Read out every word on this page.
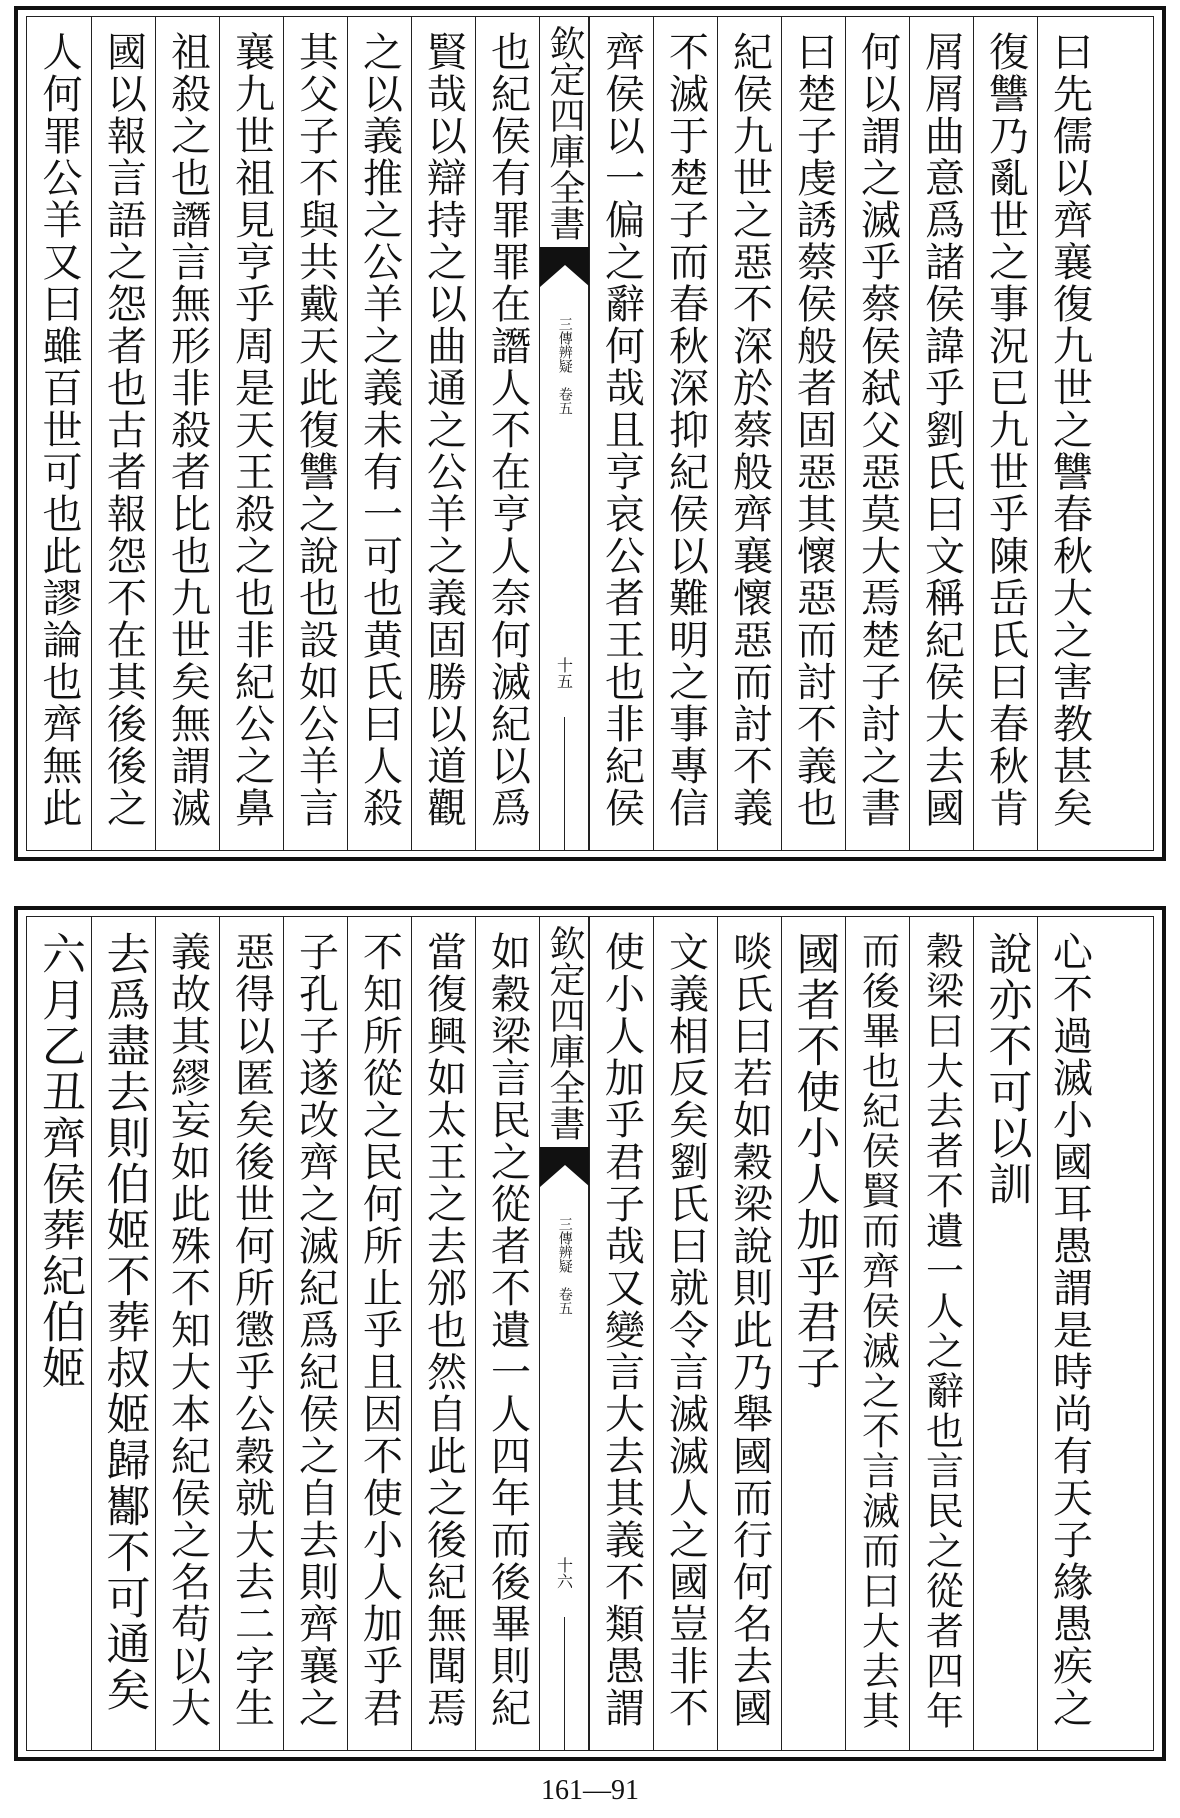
人何罪公羊又曰雖百世可也此謬論也齊無此 國以報言語之怨者也古者報怨不在其後後之 祖殺之也譖言無形非殺者比也九世矣無謂滅 襄九世祖見亨乎周是天王殺之也非紀公之鼻 其父子不與共戴天此復讐之說也設如公羊言 之以義推之公羊之義未有一可也黄氏曰人殺 賢哉以辯持之以曲通之公羊之義固勝以道觀 也紀侯有罪罪在譖人不在亨人奈何滅紀以爲 欽定四庫全書
三傳辨疑
卷五
十五 齊侯以一偏之辭何哉且亨哀公者王也非紀侯 不滅于楚子而春秋深抑紀侯以難明之事專信 紀侯九世之惡不深於蔡般齊襄懷惡而討不義 曰楚子虔誘蔡侯般者固惡其懷惡而討不義也 何以謂之滅乎蔡侯弑父惡莫大焉楚子討之書 屑屑曲意爲諸侯諱乎劉氏曰文稱紀侯大去國 復讐乃亂世之事況已九世乎陳岳氏曰春秋肯 曰先儒以齊襄復九世之讐春秋大之害教甚矣
六月乙丑齊侯葬紀伯姬 去爲盡去則伯姬不葬叔姬歸酅不可通矣 義故其繆妄如此殊不知大本紀侯之名苟以大 惡得以匿矣後世何所懲乎公穀就大去二字生 子孔子遂改齊之滅紀爲紀侯之自去則齊襄之 不知所從之民何所止乎且因不使小人加乎君 當復興如太王之去邠也然自此之後紀無聞焉 如穀梁言民之從者不遺一人四年而後畢則紀 欽定四庫全書
三傳辨疑
卷五
十六 使小人加乎君子哉又變言大去其義不類愚謂 文義相反矣劉氏曰就令言滅滅人之國豈非不 啖氏曰若如穀梁說則此乃舉國而行何名去國 國者不使小人加乎君子 而後畢也紀侯賢而齊侯滅之不言滅而曰大去其 穀梁曰大去者不遺一人之辭也言民之從者四年 說亦不可以訓 心不過滅小國耳愚謂是時尚有天子緣愚疾之
161—91
